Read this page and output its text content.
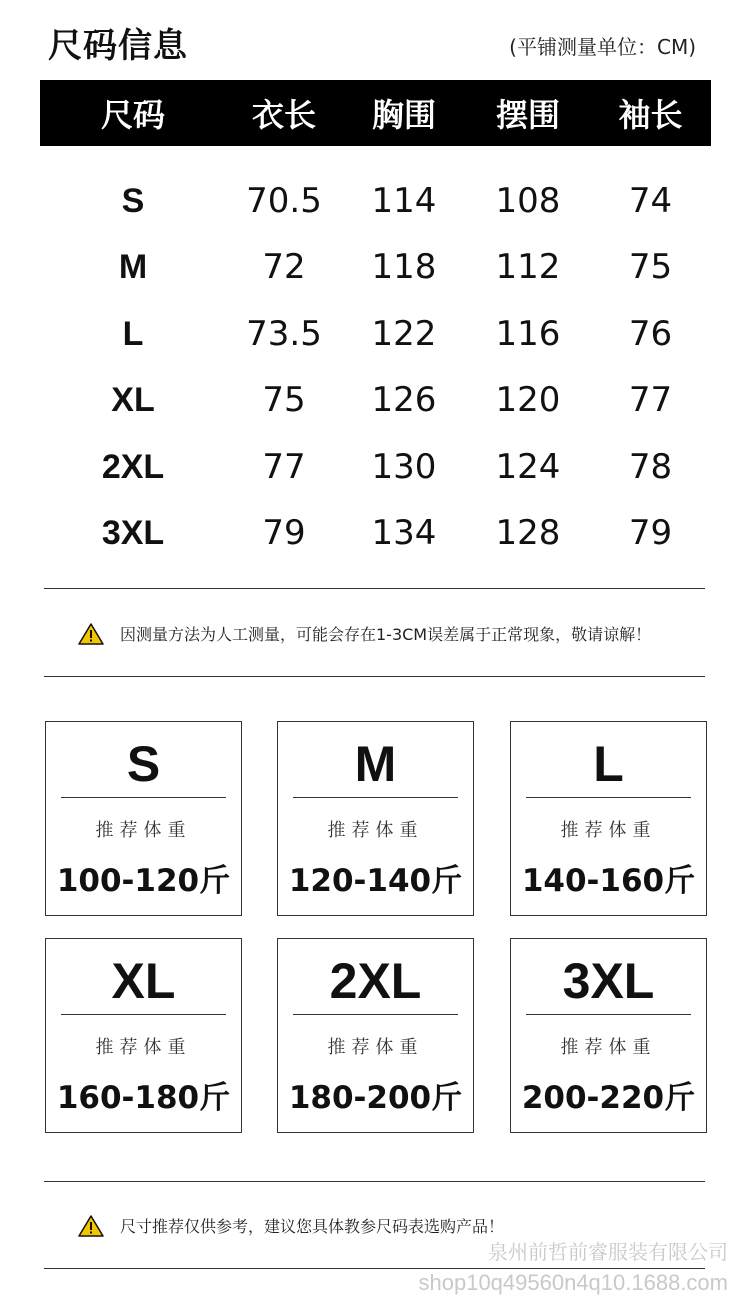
尺码信息	(平铺测量单位：CM)
尺码	衣长	胸围	摆围	袖长
S	70.5	114	108	74
M	72	118	112	75
L	73.5	122	116	76
XL	75	126	120	77
2XL	77	130	124	78
3XL	79	134	128	79
因测量方法为人工测量，可能会存在1-3CM误差属于正常现象，敬请谅解！
S
推荐体重
100-120斤
M
推荐体重
120-140斤
L
推荐体重
140-160斤
XL
推荐体重
160-180斤
2XL
推荐体重
180-200斤
3XL
推荐体重
200-220斤
尺寸推荐仅供参考，建议您具体教参尺码表选购产品！
泉州前哲前睿服装有限公司
shop10q49560n4q10.1688.com
